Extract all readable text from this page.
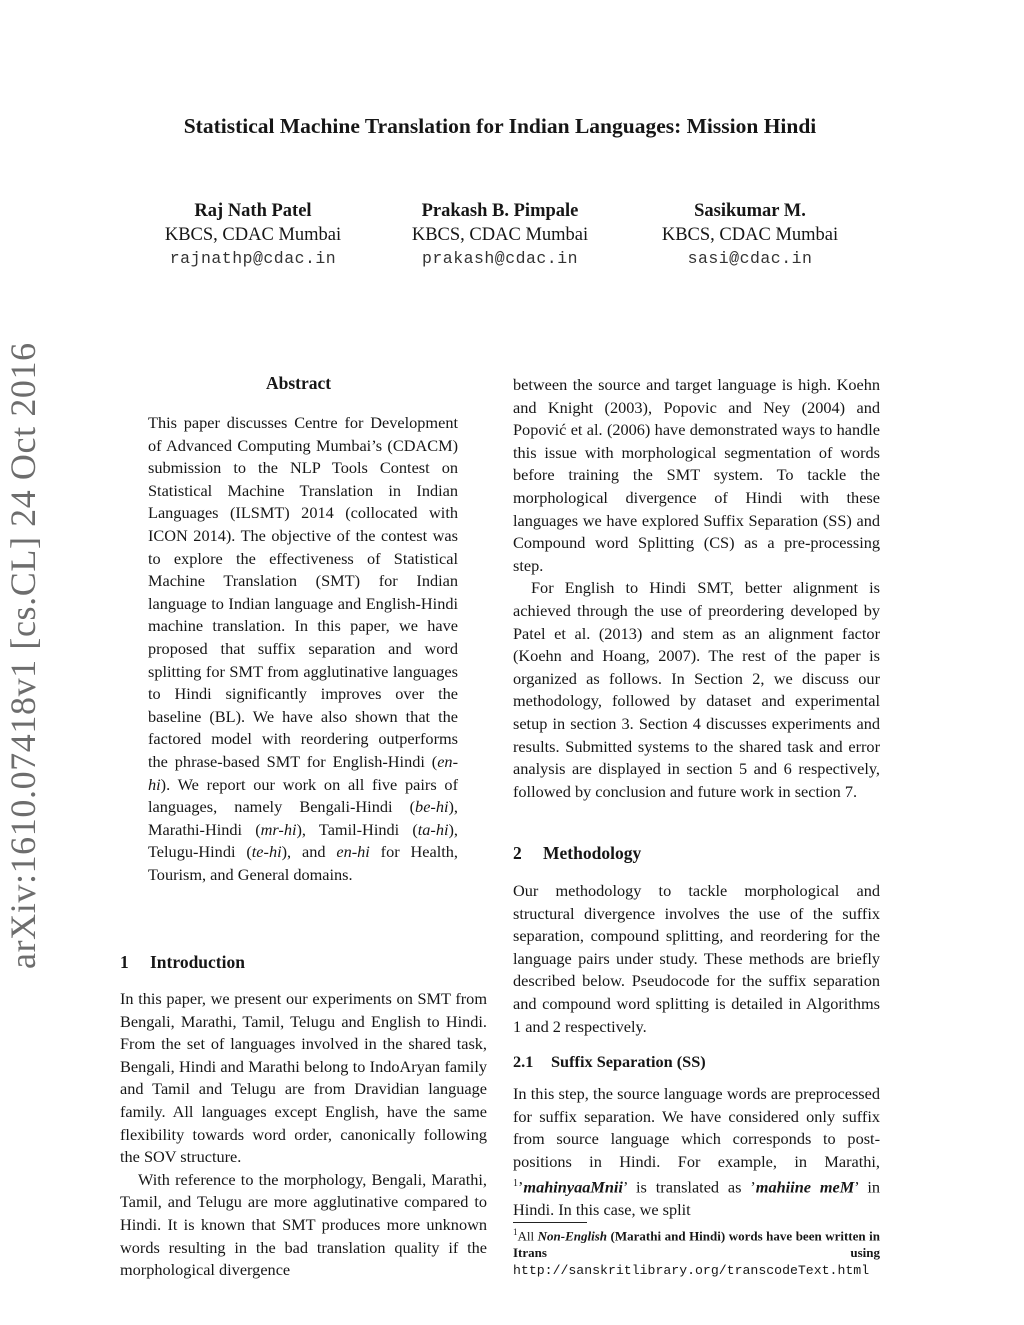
Statistical Machine Translation for Indian Languages: Mission Hindi
Raj Nath Patel
KBCS, CDAC Mumbai
rajnathp@cdac.in
Prakash B. Pimpale
KBCS, CDAC Mumbai
prakash@cdac.in
Sasikumar M.
KBCS, CDAC Mumbai
sasi@cdac.in
arXiv:1610.07418v1 [cs.CL] 24 Oct 2016	Abstract
This paper discusses Centre for Development of Advanced Computing Mumbai’s (CDACM) submission to the NLP Tools Contest on Statistical Machine Translation in Indian Languages (ILSMT) 2014 (collocated with ICON 2014). The objective of the contest was to explore the effectiveness of Statistical Machine Translation (SMT) for Indian language to Indian language and English-Hindi machine translation. In this paper, we have proposed that suffix separation and word splitting for SMT from agglutinative languages to Hindi significantly improves over the baseline (BL). We have also shown that the factored model with reordering outperforms the phrase-based SMT for English-Hindi (en-hi). We report our work on all five pairs of languages, namely Bengali-Hindi (be-hi), Marathi-Hindi (mr-hi), Tamil-Hindi (ta-hi), Telugu-Hindi (te-hi), and en-hi for Health, Tourism, and General domains.
1 Introduction

In this paper, we present our experiments on SMT from Bengali, Marathi, Tamil, Telugu and English to Hindi. From the set of languages involved in the shared task, Bengali, Hindi and Marathi belong to IndoAryan family and Tamil and Telugu are from Dravidian language family. All languages except English, have the same flexibility towards word order, canonically following the SOV structure.

With reference to the morphology, Bengali, Marathi, Tamil, and Telugu are more agglutinative compared to Hindi. It is known that SMT produces more unknown words resulting in the bad translation quality if the morphological divergence

between the source and target language is high. Koehn and Knight (2003), Popovic and Ney (2004) and Popović et al. (2006) have demonstrated ways to handle this issue with morphological segmentation of words before training the SMT system. To tackle the morphological divergence of Hindi with these languages we have explored Suffix Separation (SS) and Compound word Splitting (CS) as a pre-processing step.

For English to Hindi SMT, better alignment is achieved through the use of preordering developed by Patel et al. (2013) and stem as an alignment factor (Koehn and Hoang, 2007). The rest of the paper is organized as follows. In Section 2, we discuss our methodology, followed by dataset and experimental setup in section 3. Section 4 discusses experiments and results. Submitted systems to the shared task and error analysis are displayed in section 5 and 6 respectively, followed by conclusion and future work in section 7.

2 Methodology

Our methodology to tackle morphological and structural divergence involves the use of the suffix separation, compound splitting, and reordering for the language pairs under study. These methods are briefly described below. Pseudocode for the suffix separation and compound word splitting is detailed in Algorithms 1 and 2 respectively.

2.1 Suffix Separation (SS)
In this step, the source language words are preprocessed for suffix separation. We have considered only suffix from source language which corresponds to post-positions in Hindi. For example, in Marathi, $^1$’mahinyaaMnii’ is translated as ’mahiine meM’ in Hindi. In this case, we split
$^1$All Non-English (Marathi and Hindi) words have been written in Itrans using http://sanskritlibrary.org/transcodeText.html
